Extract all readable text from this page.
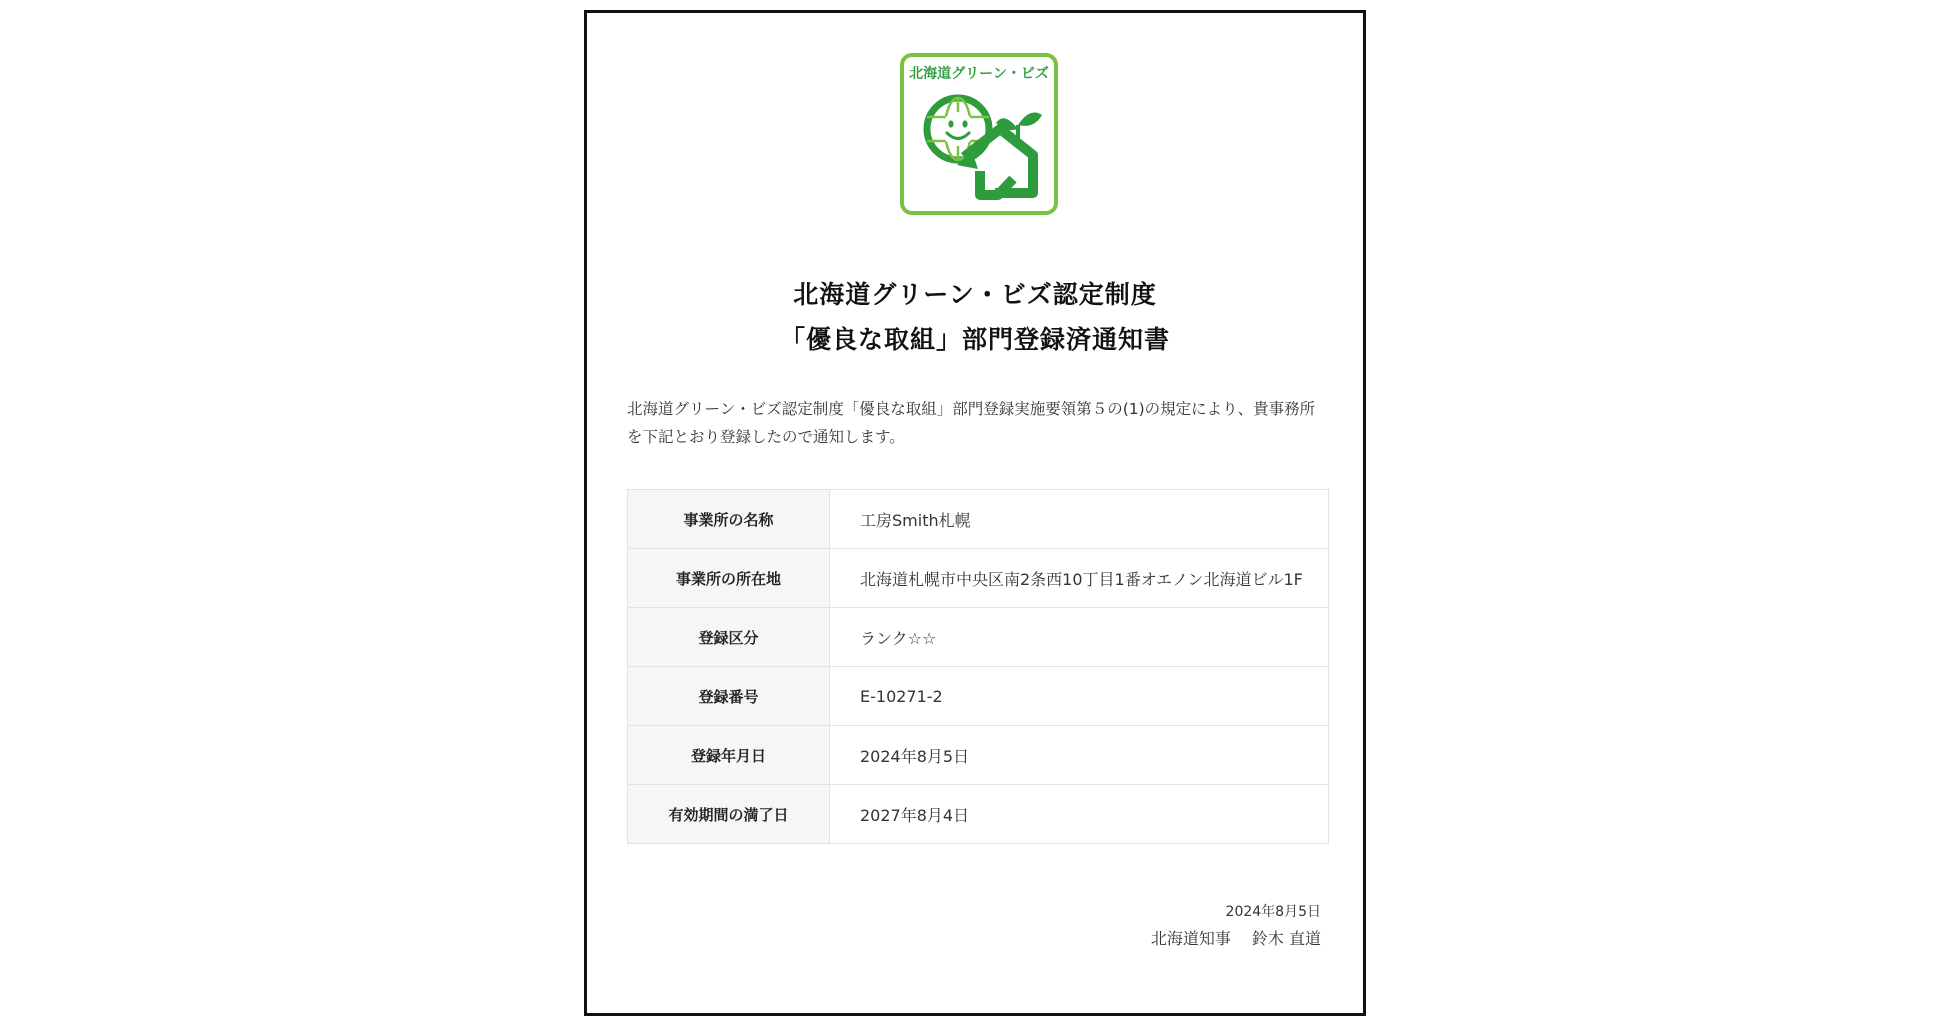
北海道グリーン・ビズ
北海道グリーン・ビズ認定制度
「優良な取組」部門登録済通知書

北海道グリーン・ビズ認定制度「優良な取組」部門登録実施要領第５の(1)の規定により、貴事務所を下記とおり登録したので通知します。

事業所の名称	工房Smith札幌
事業所の所在地	北海道札幌市中央区南2条西10丁目1番オエノン北海道ビル1F
登録区分	ランク☆☆
登録番号	E-10271-2
登録年月日	2024年8月5日
有効期間の満了日	2027年8月4日
2024年8月5日
北海道知事　 鈴木 直道
